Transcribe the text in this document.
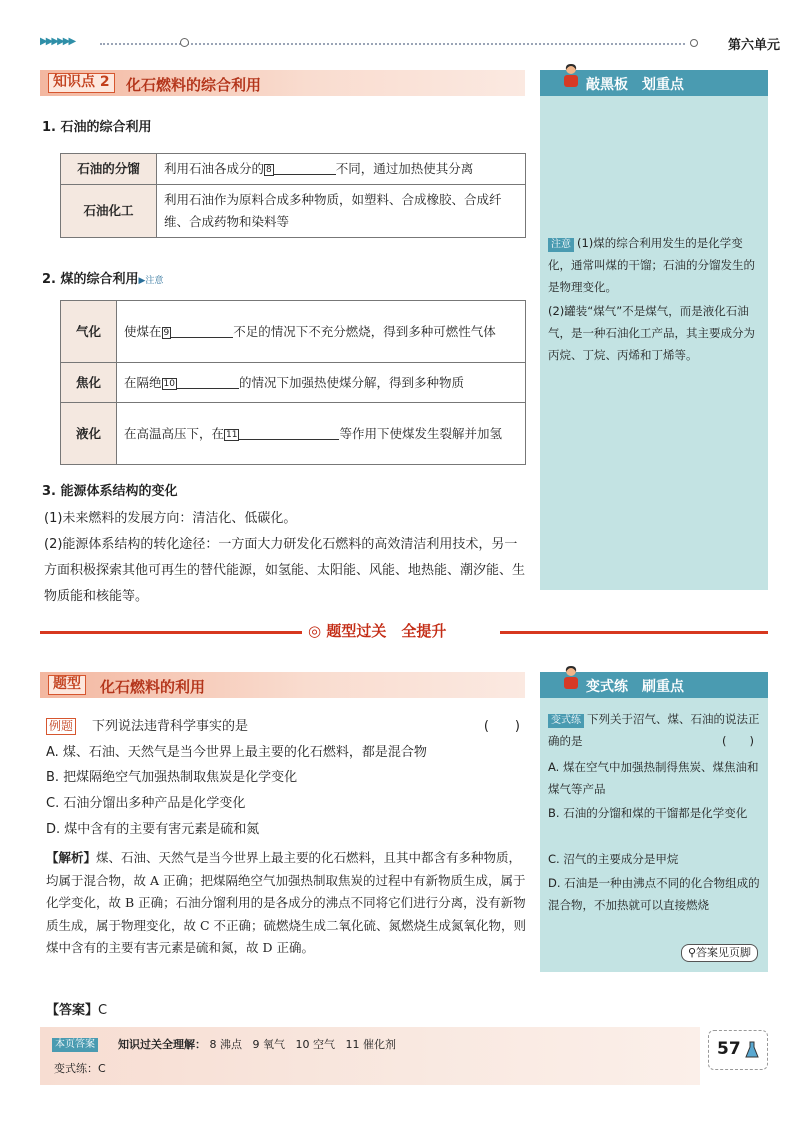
▶▶▶▶▶▶	第六单元
知识点 2	化石燃料的综合利用
1. 石油的综合利用
石油的分馏	利用石油各成分的 8 不同，通过加热使其分离
石油化工	利用石油作为原料合成多种物质，如塑料、合成橡胶、合成纤维、合成药物和染料等
2. 煤的综合利用▶注意
气化	使煤在 9 不足的情况下不充分燃烧，得到多种可燃性气体
焦化	在隔绝 10 的情况下加强热使煤分解，得到多种物质
液化	在高温高压下，在 11 等作用下使煤发生裂解并加氢
3. 能源体系结构的变化
(1)未来燃料的发展方向：清洁化、低碳化。
(2)能源体系结构的转化途径：一方面大力研发化石燃料的高效清洁利用技术，另一方面积极探索其他可再生的替代能源，如氢能、太阳能、风能、地热能、潮汐能、生物质能和核能等。
敲黑板　划重点
注意 (1)煤的综合利用发生的是化学变化，通常叫煤的干馏；石油的分馏发生的是物理变化。
(2)罐装“煤气”不是煤气，而是液化石油气，是一种石油化工产品，其主要成分为丙烷、丁烷、丙烯和丁烯等。
◎ 题型过关　全提升
题型	化石燃料的利用
例题 下列说法违背科学事实的是	(　　)
A. 煤、石油、天然气是当今世界上最主要的化石燃料，都是混合物
B. 把煤隔绝空气加强热制取焦炭是化学变化
C. 石油分馏出多种产品是化学变化
D. 煤中含有的主要有害元素是硫和氮
【解析】煤、石油、天然气是当今世界上最主要的化石燃料，且其中都含有多种物质，均属于混合物，故 A 正确；把煤隔绝空气加强热制取焦炭的过程中有新物质生成，属于化学变化，故 B 正确；石油分馏利用的是各成分的沸点不同将它们进行分离，没有新物质生成，属于物理变化，故 C 不正确；硫燃烧生成二氧化硫、氮燃烧生成氮氧化物，则煤中含有的主要有害元素是硫和氮，故 D 正确。
【答案】C
变式练　刷重点
变式练 下列关于沼气、煤、石油的说法正确的是	(　　)
A. 煤在空气中加强热制得焦炭、煤焦油和煤气等产品
B. 石油的分馏和煤的干馏都是化学变化
C. 沼气的主要成分是甲烷
D. 石油是一种由沸点不同的化合物组成的混合物，不加热就可以直接燃烧
⚲答案见页脚
本页答案 知识过关全理解： 8 沸点 9 氧气 10 空气 11 催化剂
变式练：C
57
